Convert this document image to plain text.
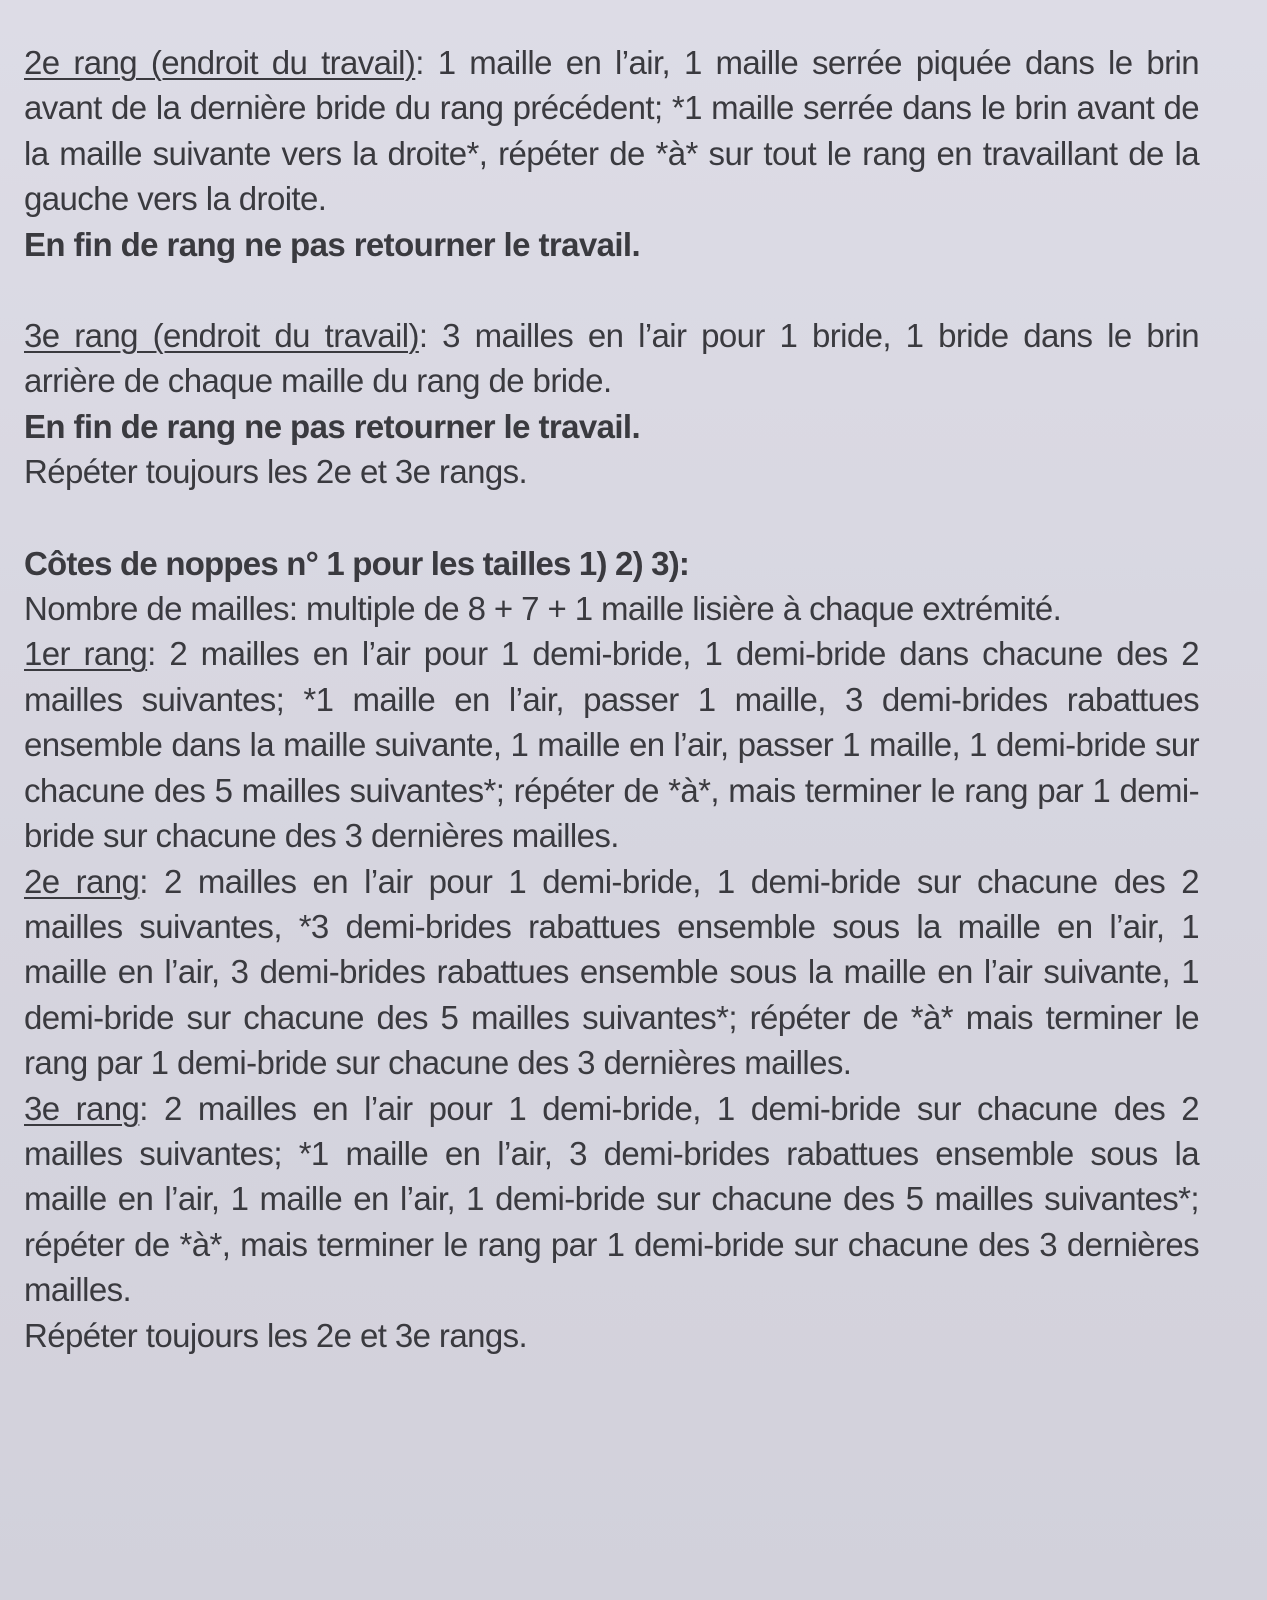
2e rang (endroit du travail): 1 maille en l’air, 1 maille serrée piquée dans le brin avant de la dernière bride du rang précédent; *1 maille serrée dans le brin avant de la maille suivante vers la droite*, répéter de *à* sur tout le rang en travaillant de la gauche vers la droite.

En fin de rang ne pas retourner le travail.

3e rang (endroit du travail): 3 mailles en l’air pour 1 bride, 1 bride dans le brin arrière de chaque maille du rang de bride.

En fin de rang ne pas retourner le travail.

Répéter toujours les 2e et 3e rangs.

Côtes de noppes n° 1 pour les tailles 1) 2) 3):

Nombre de mailles: multiple de 8 + 7 + 1 maille lisière à chaque extrémité.

1er rang: 2 mailles en l’air pour 1 demi-bride, 1 demi-bride dans chacune des 2 mailles suivantes; *1 maille en l’air, passer 1 maille, 3 demi-brides rabattues ensemble dans la maille suivante, 1 maille en l’air, passer 1 maille, 1 demi-bride sur chacune des 5 mailles suivantes*; répéter de *à*, mais terminer le rang par 1 demi-bride sur chacune des 3 dernières mailles.

2e rang: 2 mailles en l’air pour 1 demi-bride, 1 demi-bride sur chacune des 2 mailles suivantes, *3 demi-brides rabattues ensemble sous la maille en l’air, 1 maille en l’air, 3 demi-brides rabattues ensemble sous la maille en l’air suivante, 1 demi-bride sur chacune des 5 mailles suivantes*; répéter de *à* mais terminer le rang par 1 demi-bride sur chacune des 3 dernières mailles.

3e rang: 2 mailles en l’air pour 1 demi-bride, 1 demi-bride sur chacune des 2 mailles suivantes; *1 maille en l’air, 3 demi-brides rabattues ensemble sous la maille en l’air, 1 maille en l’air, 1 demi-bride sur chacune des 5 mailles suivantes*; répéter de *à*, mais terminer le rang par 1 demi-bride sur chacune des 3 dernières mailles.

Répéter toujours les 2e et 3e rangs.
